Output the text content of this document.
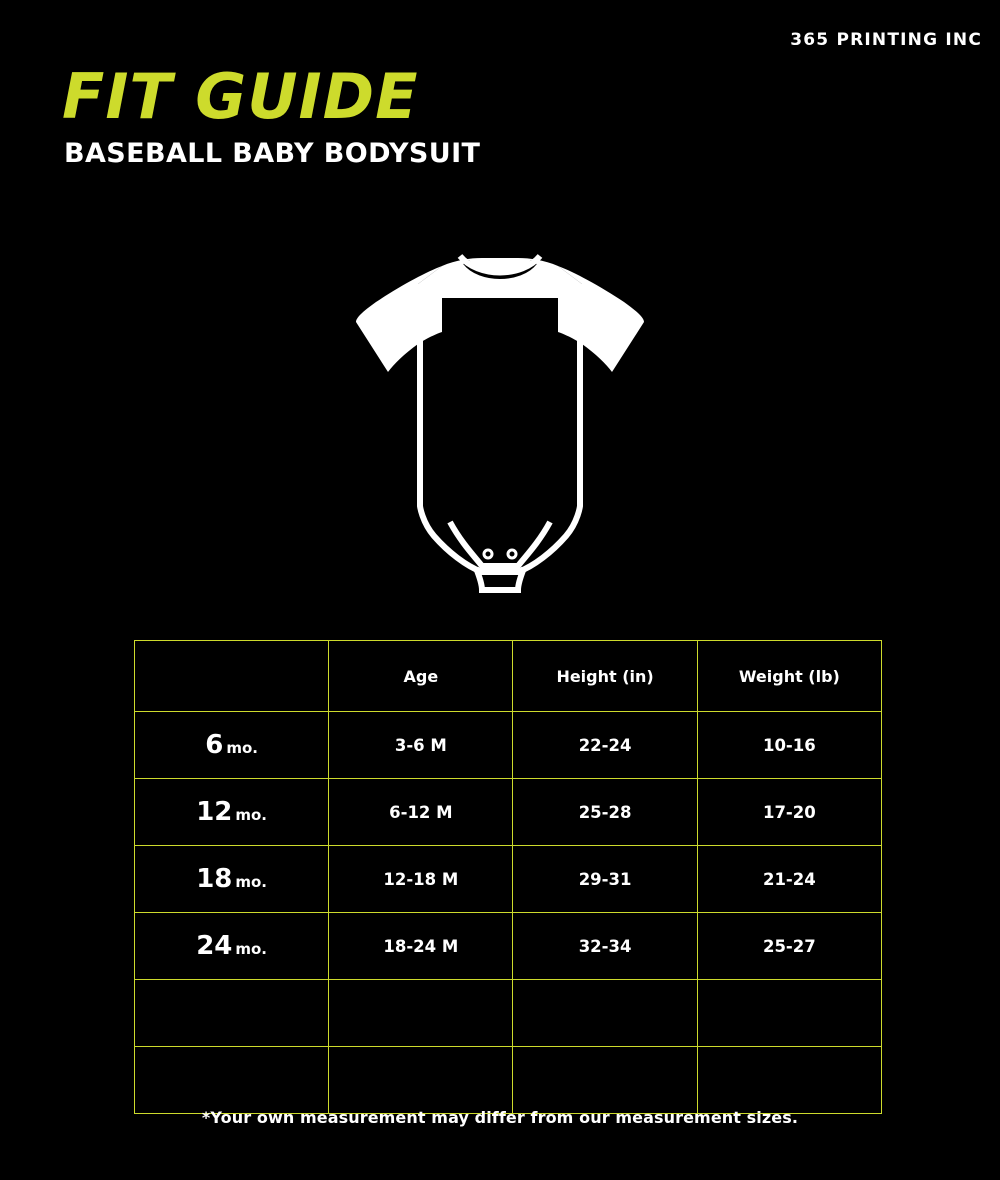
365 PRINTING INC
FIT GUIDE
BASEBALL BABY BODYSUIT
	Age	Height (in)	Weight (lb)
6 mo.	3-6 M	22-24	10-16
12 mo.	6-12 M	25-28	17-20
18 mo.	12-18 M	29-31	21-24
24 mo.	18-24 M	32-34	25-27

*Your own measurement may differ from our measurement sizes.
